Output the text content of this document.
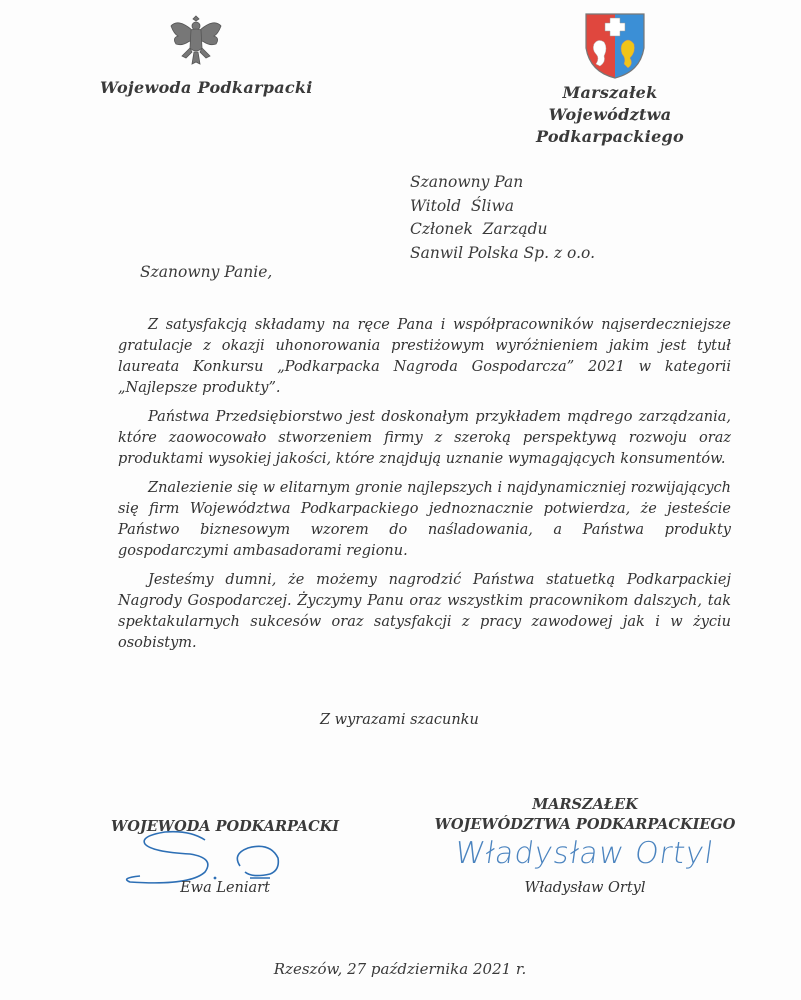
Wojewoda Podkarpacki	Marszałek
Województwa Podkarpackiego
Szanowny Pan
Witold  Śliwa
Członek  Zarządu
Sanwil Polska Sp. z o.o.
Szanowny Panie,

Z satysfakcją składamy na ręce Pana i współpracowników najserdeczniejsze gratulacje z okazji uhonorowania prestiżowym wyróżnieniem jakim jest tytuł laureata Konkursu „Podkarpacka Nagroda Gospodarcza” 2021 w kategorii „Najlepsze produkty”.

Państwa Przedsiębiorstwo jest doskonałym przykładem mądrego zarządzania, które zaowocowało stworzeniem firmy z szeroką perspektywą rozwoju oraz produktami wysokiej jakości, które znajdują uznanie wymagających konsumentów.

Znalezienie się w elitarnym gronie najlepszych i najdynamiczniej rozwijających się firm Województwa Podkarpackiego jednoznacznie potwierdza, że jesteście Państwo biznesowym wzorem do naśladowania, a Państwa produkty gospodarczymi ambasadorami regionu.

Jesteśmy dumni, że możemy nagrodzić Państwa statuetką Podkarpackiej Nagrody Gospodarczej. Życzymy Panu oraz wszystkim pracownikom dalszych, tak spektakularnych sukcesów oraz satysfakcji z pracy zawodowej jak i w życiu osobistym.

Z wyrazami szacunku
WOJEWODA PODKARPACKI
Ewa Leniart
MARSZAŁEK
WOJEWÓDZTWA PODKARPACKIEGO
Władysław Ortyl
Władysław Ortyl
Rzeszów, 27 października 2021 r.
